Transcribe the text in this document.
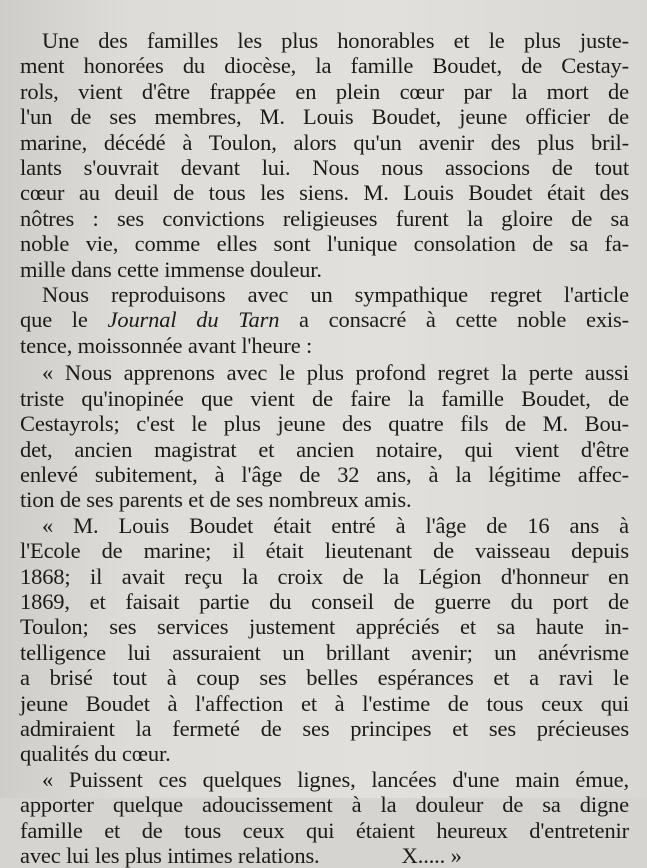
Une des familles les plus honorables et le plus juste-
ment honorées du diocèse, la famille Boudet, de Cestay-
rols, vient d'être frappée en plein cœur par la mort de
l'un de ses membres, M. Louis Boudet, jeune officier de
marine, décédé à Toulon, alors qu'un avenir des plus bril-
lants s'ouvrait devant lui. Nous nous associons de tout
cœur au deuil de tous les siens. M. Louis Boudet était des
nôtres : ses convictions religieuses furent la gloire de sa
noble vie, comme elles sont l'unique consolation de sa fa-
mille dans cette immense douleur.
Nous reproduisons avec un sympathique regret l'article
que le Journal du Tarn a consacré à cette noble exis-
tence, moissonnée avant l'heure :
« Nous apprenons avec le plus profond regret la perte aussi
triste qu'inopinée que vient de faire la famille Boudet, de
Cestayrols; c'est le plus jeune des quatre fils de M. Bou-
det, ancien magistrat et ancien notaire, qui vient d'être
enlevé subitement, à l'âge de 32 ans, à la légitime affec-
tion de ses parents et de ses nombreux amis.
« M. Louis Boudet était entré à l'âge de 16 ans à
l'Ecole de marine; il était lieutenant de vaisseau depuis
1868; il avait reçu la croix de la Légion d'honneur en
1869, et faisait partie du conseil de guerre du port de
Toulon; ses services justement appréciés et sa haute in-
telligence lui assuraient un brillant avenir; un anévrisme
a brisé tout à coup ses belles espérances et a ravi le
jeune Boudet à l'affection et à l'estime de tous ceux qui
admiraient la fermeté de ses principes et ses précieuses
qualités du cœur.
« Puissent ces quelques lignes, lancées d'une main émue,
apporter quelque adoucissement à la douleur de sa digne
famille et de tous ceux qui étaient heureux d'entretenir
avec lui les plus intimes relations.               X..... »
